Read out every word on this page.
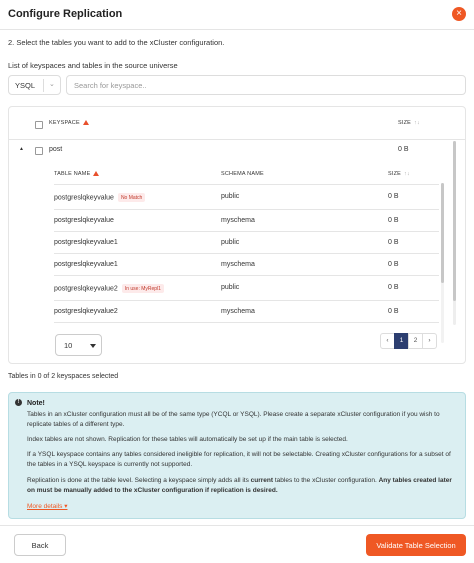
Configure Replication	×
2. Select the tables you want to add to the xCluster configuration.
List of keyspaces and tables in the source universe
YSQL ⌄
Search for keyspace..
KEYSPACE	SIZE ↑↓
▲	post	0 B
TABLE NAME	SCHEMA NAME	SIZE ↑↓
postgreslqkeyvalue No Match	public	0 B
postgreslqkeyvalue	myschema	0 B
postgreslqkeyvalue1	public	0 B
postgreslqkeyvalue1	myschema	0 B
postgreslqkeyvalue2 In use: MyRepl1	public	0 B
postgreslqkeyvalue2	myschema	0 B
10
‹	1	2	›
Tables in 0 of 2 keyspaces selected
!	Note!
Tables in an xCluster configuration must all be of the same type (YCQL or YSQL). Please create a separate xCluster configuration if you wish to replicate tables of a different type.
Index tables are not shown. Replication for these tables will automatically be set up if the main table is selected.
If a YSQL keyspace contains any tables considered ineligible for replication, it will not be selectable. Creating xCluster configurations for a subset of the tables in a YSQL keyspace is currently not supported.
Replication is done at the table level. Selecting a keyspace simply adds all its current tables to the xCluster configuration. Any tables created later on must be manually added to the xCluster configuration if replication is desired.
More details ▾
Back	Validate Table Selection
